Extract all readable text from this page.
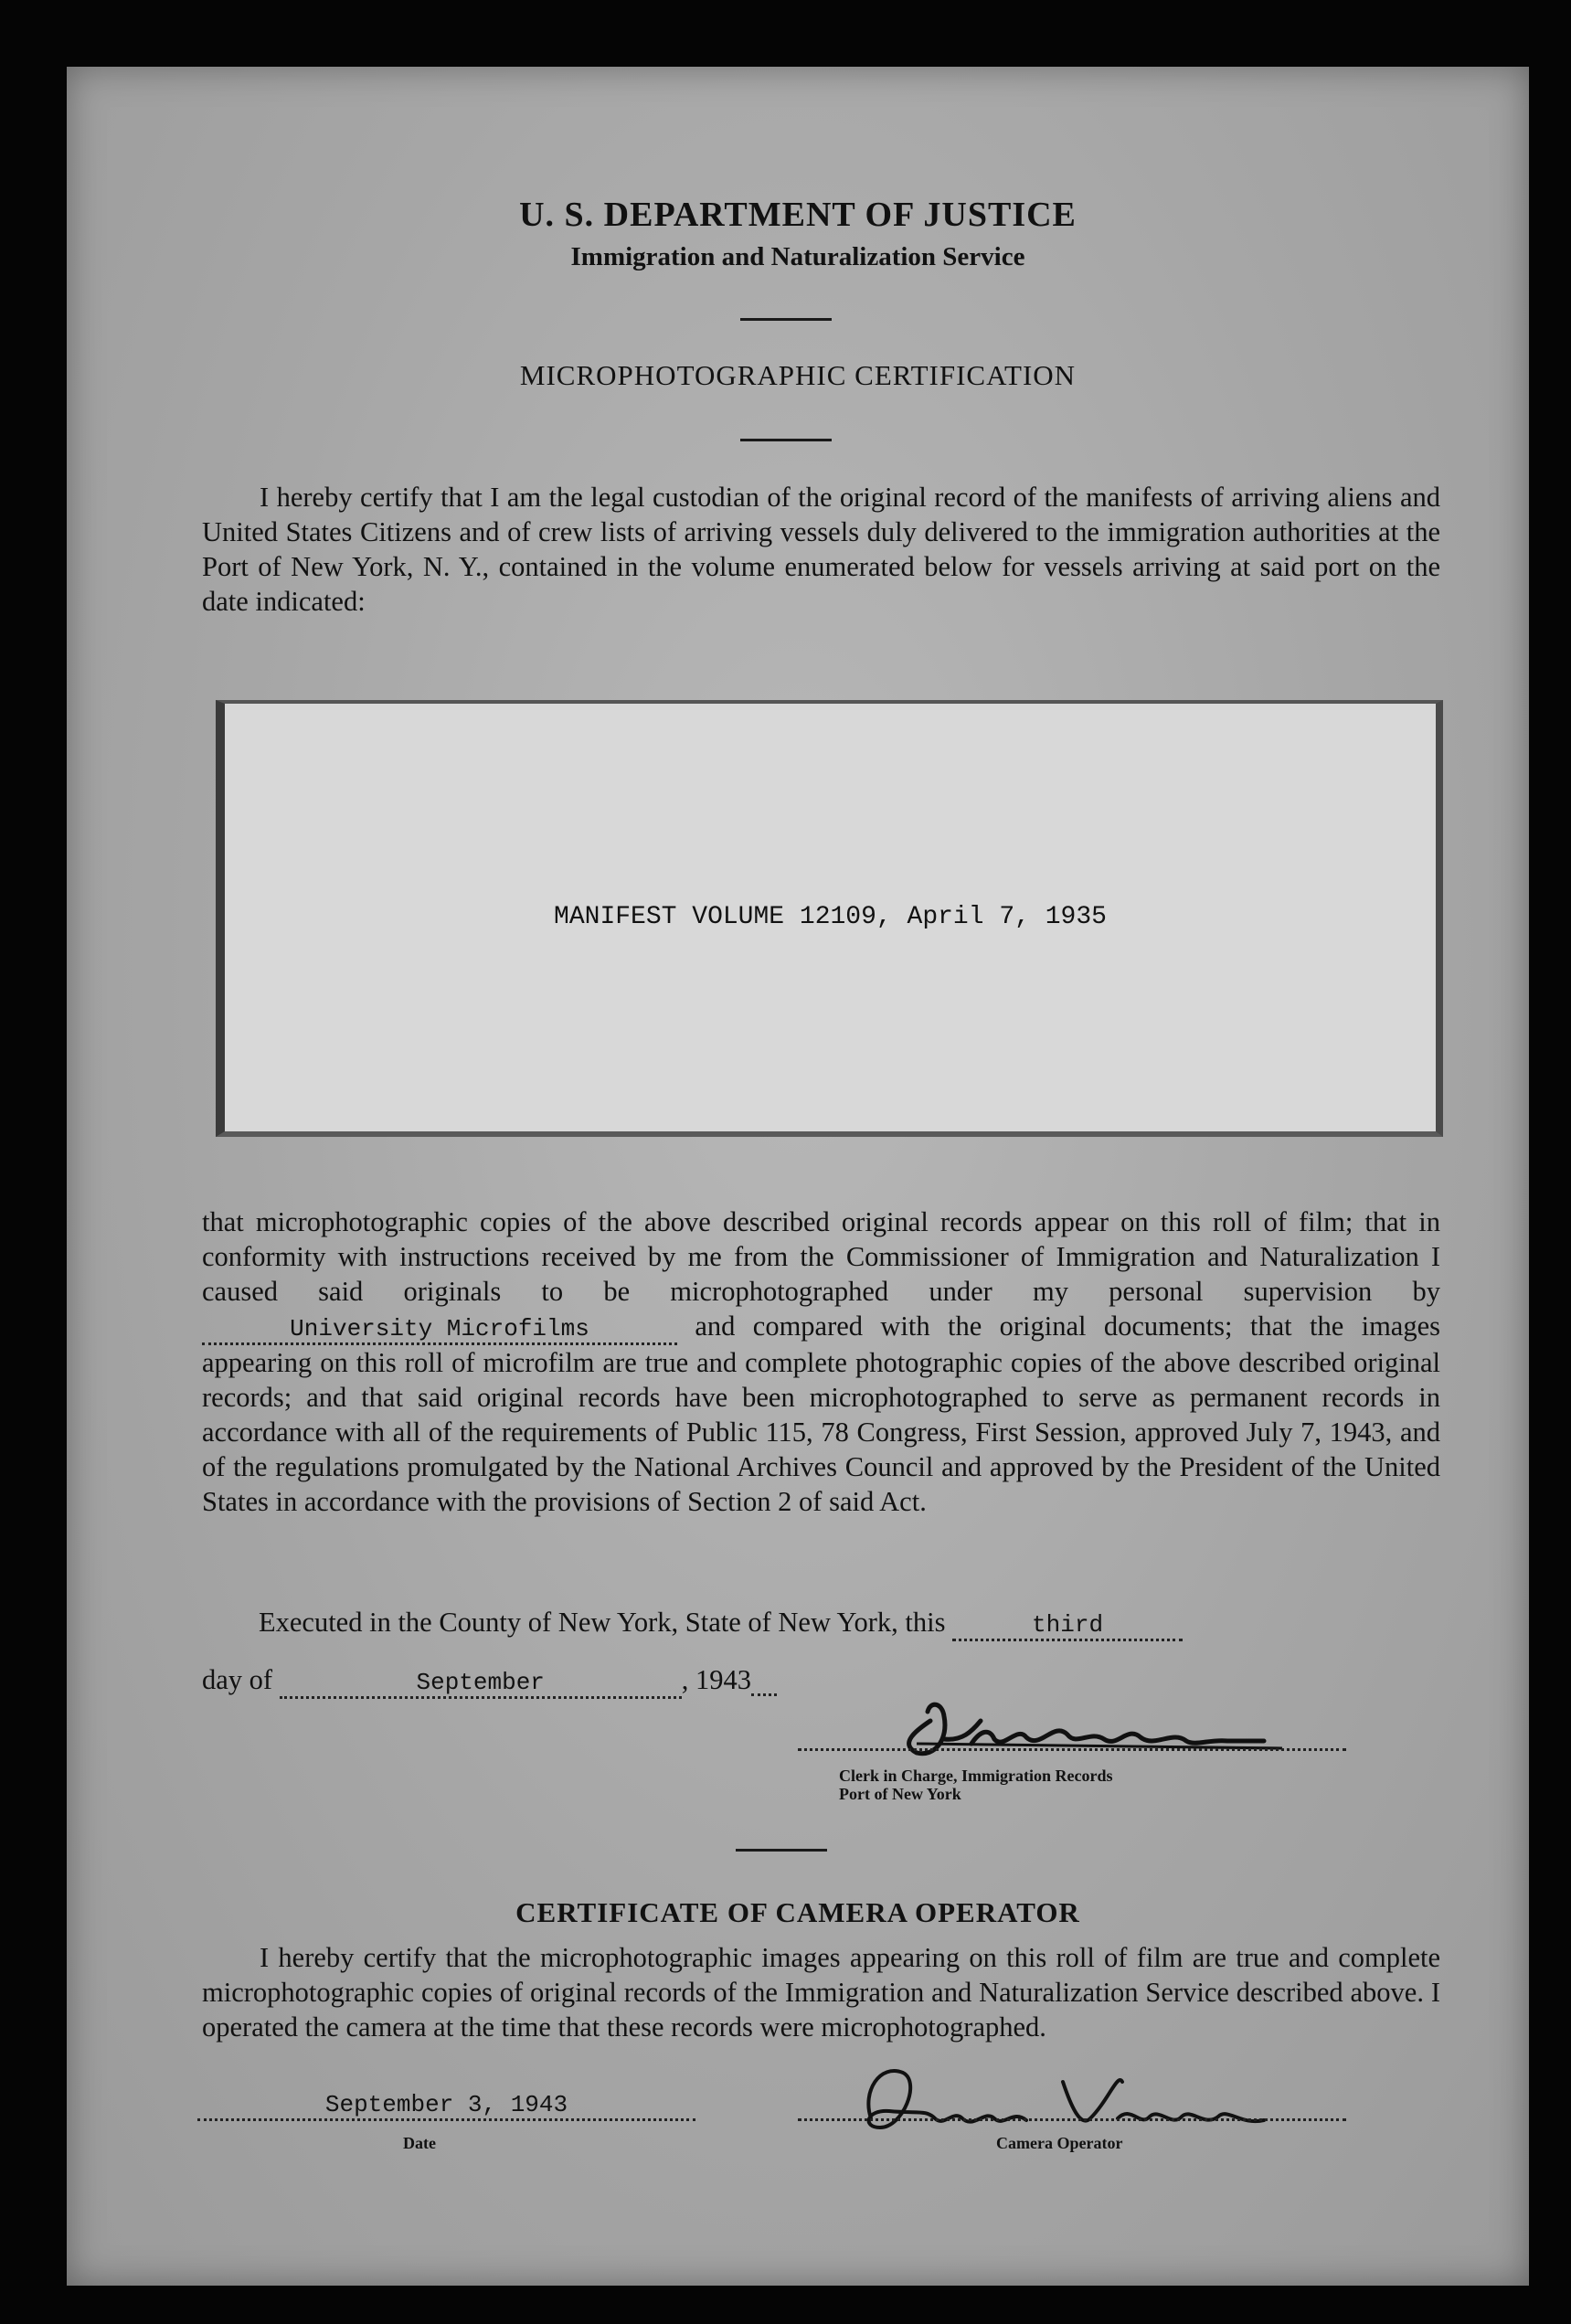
U. S. DEPARTMENT OF JUSTICE
Immigration and Naturalization Service
MICROPHOTOGRAPHIC CERTIFICATION
I hereby certify that I am the legal custodian of the original record of the manifests of arriving aliens and United States Citizens and of crew lists of arriving vessels duly delivered to the immigration authorities at the Port of New York, N. Y., contained in the volume enumerated below for vessels arriving at said port on the date indicated:
MANIFEST VOLUME 12109, April 7, 1935
that microphotographic copies of the above described original records appear on this roll of film; that in conformity with instructions received by me from the Commissioner of Immigration and Naturalization I caused said originals to be microphotographed under my personal supervision by University Microfilms	and compared with the original documents; that the images appearing on this roll of microfilm are true and complete photographic copies of the above described original records; and that said original records have been microphotographed to serve as permanent records in accordance with all of the requirements of Public 115, 78 Congress, First Session, approved July 7, 1943, and of the regulations promulgated by the National Archives Council and approved by the President of the United States in accordance with the provisions of Section 2 of said Act.
Executed in the County of New York, State of New York, this	third
day of	September	, 1943
Clerk in Charge, Immigration Records
Port of New York
CERTIFICATE OF CAMERA OPERATOR
I hereby certify that the microphotographic images appearing on this roll of film are true and complete microphotographic copies of original records of the Immigration and Naturalization Service described above. I operated the camera at the time that these records were microphotographed.
September 3, 1943
Date	Camera Operator
